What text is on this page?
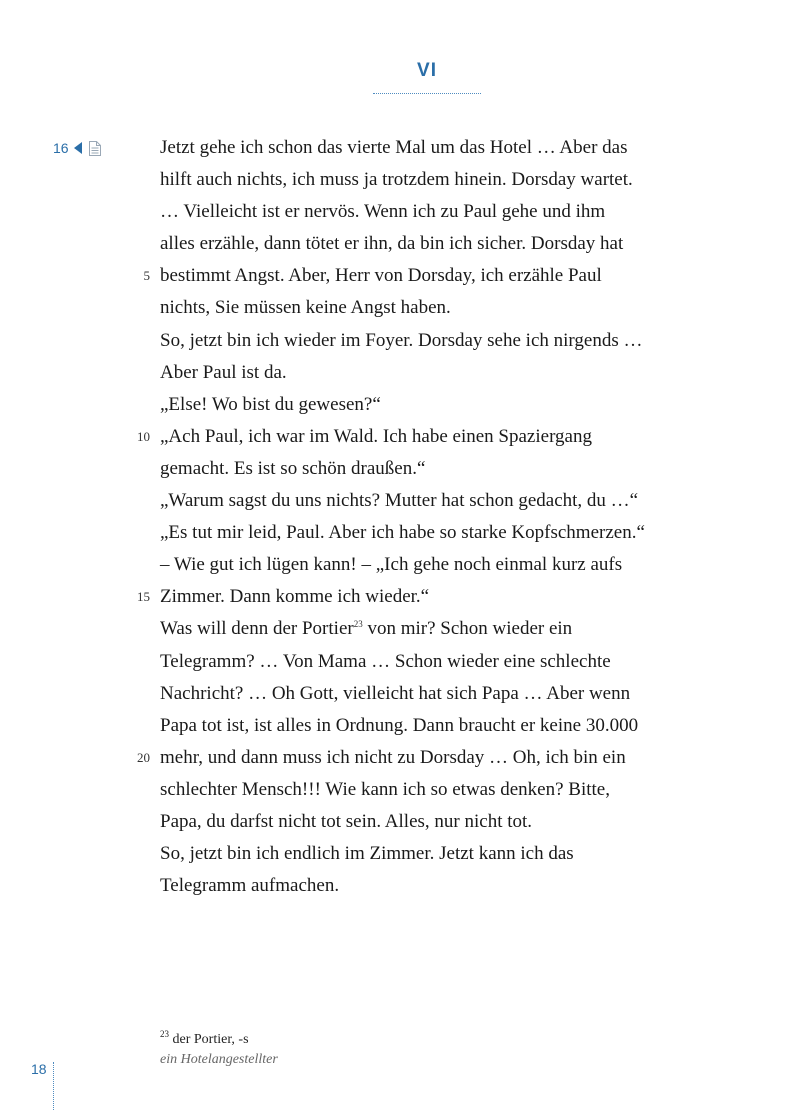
VI
16	Jetzt gehe ich schon das vierte Mal um das Hotel … Aber das
hilft auch nichts, ich muss ja trotzdem hinein. Dorsday wartet.
… Vielleicht ist er nervös. Wenn ich zu Paul gehe und ihm
alles erzähle, dann tötet er ihn, da bin ich sicher. Dorsday hat
5 bestimmt Angst. Aber, Herr von Dorsday, ich erzähle Paul
nichts, Sie müssen keine Angst haben.
So, jetzt bin ich wieder im Foyer. Dorsday sehe ich nirgends …
Aber Paul ist da.
„Else! Wo bist du gewesen?“
10 „Ach Paul, ich war im Wald. Ich habe einen Spaziergang
gemacht. Es ist so schön draußen.“
„Warum sagst du uns nichts? Mutter hat schon gedacht, du …“
„Es tut mir leid, Paul. Aber ich habe so starke Kopfschmerzen.“
– Wie gut ich lügen kann! – „Ich gehe noch einmal kurz aufs
15 Zimmer. Dann komme ich wieder.“
Was will denn der Portier$^{23}$ von mir? Schon wieder ein
Telegramm? … Von Mama … Schon wieder eine schlechte
Nachricht? … Oh Gott, vielleicht hat sich Papa … Aber wenn
Papa tot ist, ist alles in Ordnung. Dann braucht er keine 30.000
20 mehr, und dann muss ich nicht zu Dorsday … Oh, ich bin ein
schlechter Mensch!!! Wie kann ich so etwas denken? Bitte,
Papa, du darfst nicht tot sein. Alles, nur nicht tot.
So, jetzt bin ich endlich im Zimmer. Jetzt kann ich das
Telegramm aufmachen.
$^{23}$ der Portier, -s
ein Hotelangestellter
18
